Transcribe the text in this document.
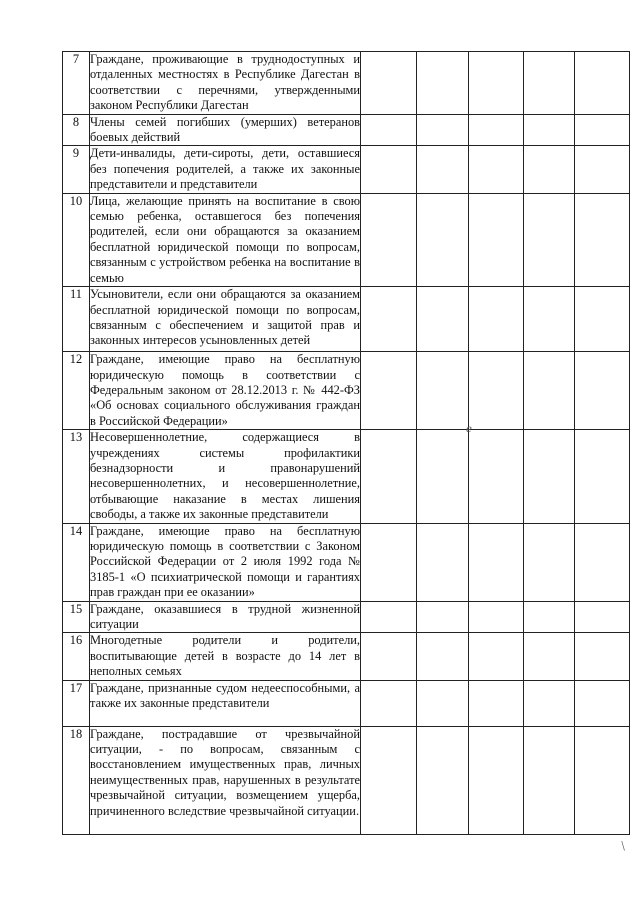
7	Граждане, проживающие в труднодоступных и отдаленных местностях в Республике Дагестан в соответствии с перечнями, утвержденными законом Республики Дагестан					
8	Члены семей погибших (умерших) ветеранов боевых действий					
9	Дети-инвалиды, дети-сироты, дети, оставшиеся без попечения родителей, а также их законные представители и представители					
10	Лица, желающие принять на воспитание в свою семью ребенка, оставшегося без попечения родителей, если они обращаются за оказанием бесплатной юридической помощи по вопросам, связанным с устройством ребенка на воспитание в семью					
11	Усыновители, если они обращаются за оказанием бесплатной юридической помощи по вопросам, связанным с обеспечением и защитой прав и законных интересов усыновленных детей					
12	Граждане, имеющие право на бесплатную юридическую помощь в соответствии с Федеральным законом от 28.12.2013 г. № 442-ФЗ «Об основах социального обслуживания граждан в Российской Федерации»					
13	Несовершеннолетние, содержащиеся в учреждениях системы профилактики безнадзорности и правонарушений несовершеннолетних, и несовершеннолетние, отбывающие наказание в местах лишения свободы, а также их законные представители					
14	Граждане, имеющие право на бесплатную юридическую помощь в соответствии с Законом Российской Федерации от 2 июля 1992 года № 3185-1 «О психиатрической помощи и гарантиях прав граждан при ее оказании»					
15	Граждане, оказавшиеся в трудной жизненной ситуации					
16	Многодетные родители и родители, воспитывающие детей в возрасте до 14 лет в неполных семьях					
17	Граждане, признанные судом недееспособными, а также их законные представители					
18	Граждане, пострадавшие от чрезвычайной ситуации, - по вопросам, связанным с восстановлением имущественных прав, личных неимущественных прав, нарушенных в результате чрезвычайной ситуации, возмещением ущерба, причиненного вследствие чрезвычайной ситуации.					
ℯ
/
